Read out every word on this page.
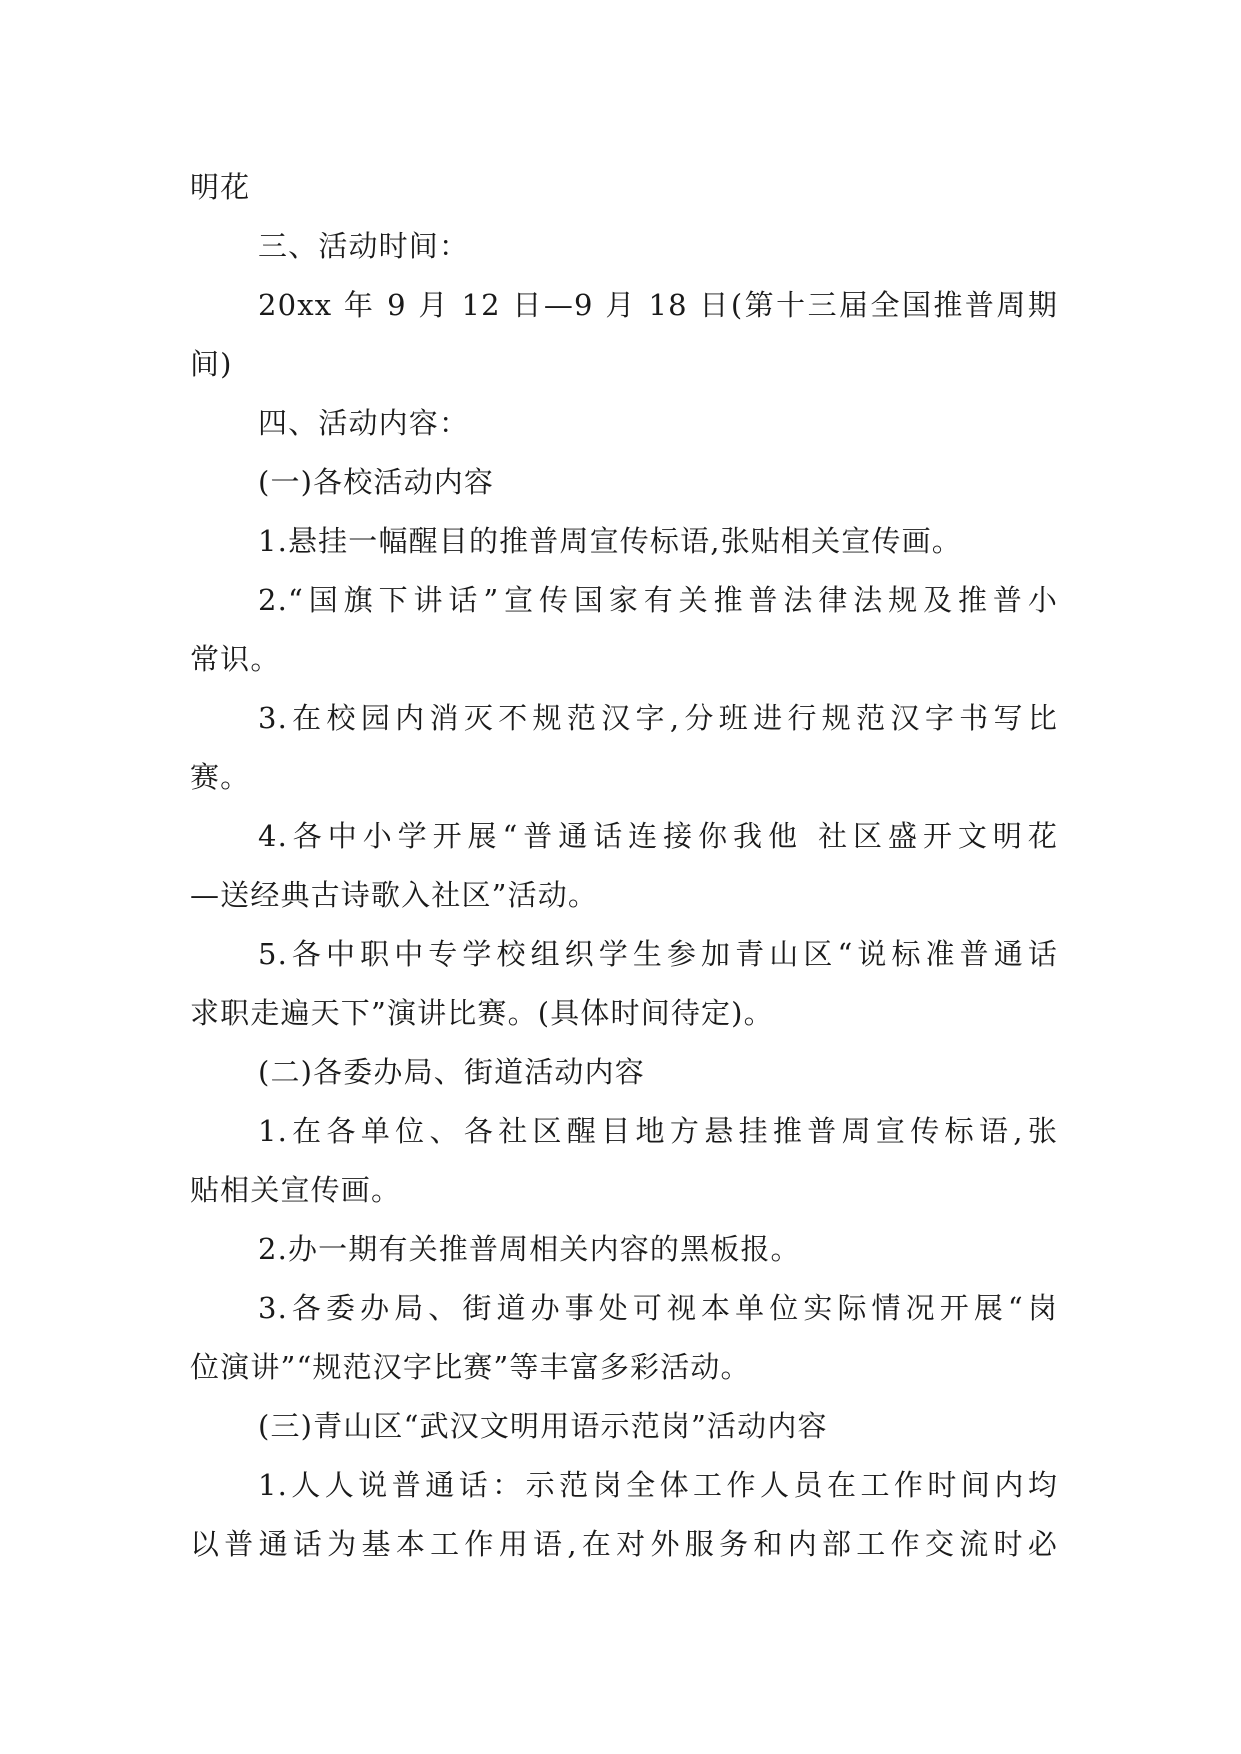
明花
三、活动时间：
20xx 年 9 月 12 日—9 月 18 日(第十三届全国推普周期
间)
四、活动内容：
(一)各校活动内容
1.悬挂一幅醒目的推普周宣传标语,张贴相关宣传画。
2.“国旗下讲话”宣传国家有关推普法律法规及推普小
常识。
3.在校园内消灭不规范汉字,分班进行规范汉字书写比
赛。
4.各中小学开展“普通话连接你我他 社区盛开文明花
—送经典古诗歌入社区”活动。
5.各中职中专学校组织学生参加青山区“说标准普通话
求职走遍天下”演讲比赛。(具体时间待定)。
(二)各委办局、街道活动内容
1.在各单位、各社区醒目地方悬挂推普周宣传标语,张
贴相关宣传画。
2.办一期有关推普周相关内容的黑板报。
3.各委办局、街道办事处可视本单位实际情况开展“岗
位演讲”“规范汉字比赛”等丰富多彩活动。
(三)青山区“武汉文明用语示范岗”活动内容
1.人人说普通话：示范岗全体工作人员在工作时间内均
以普通话为基本工作用语,在对外服务和内部工作交流时必
